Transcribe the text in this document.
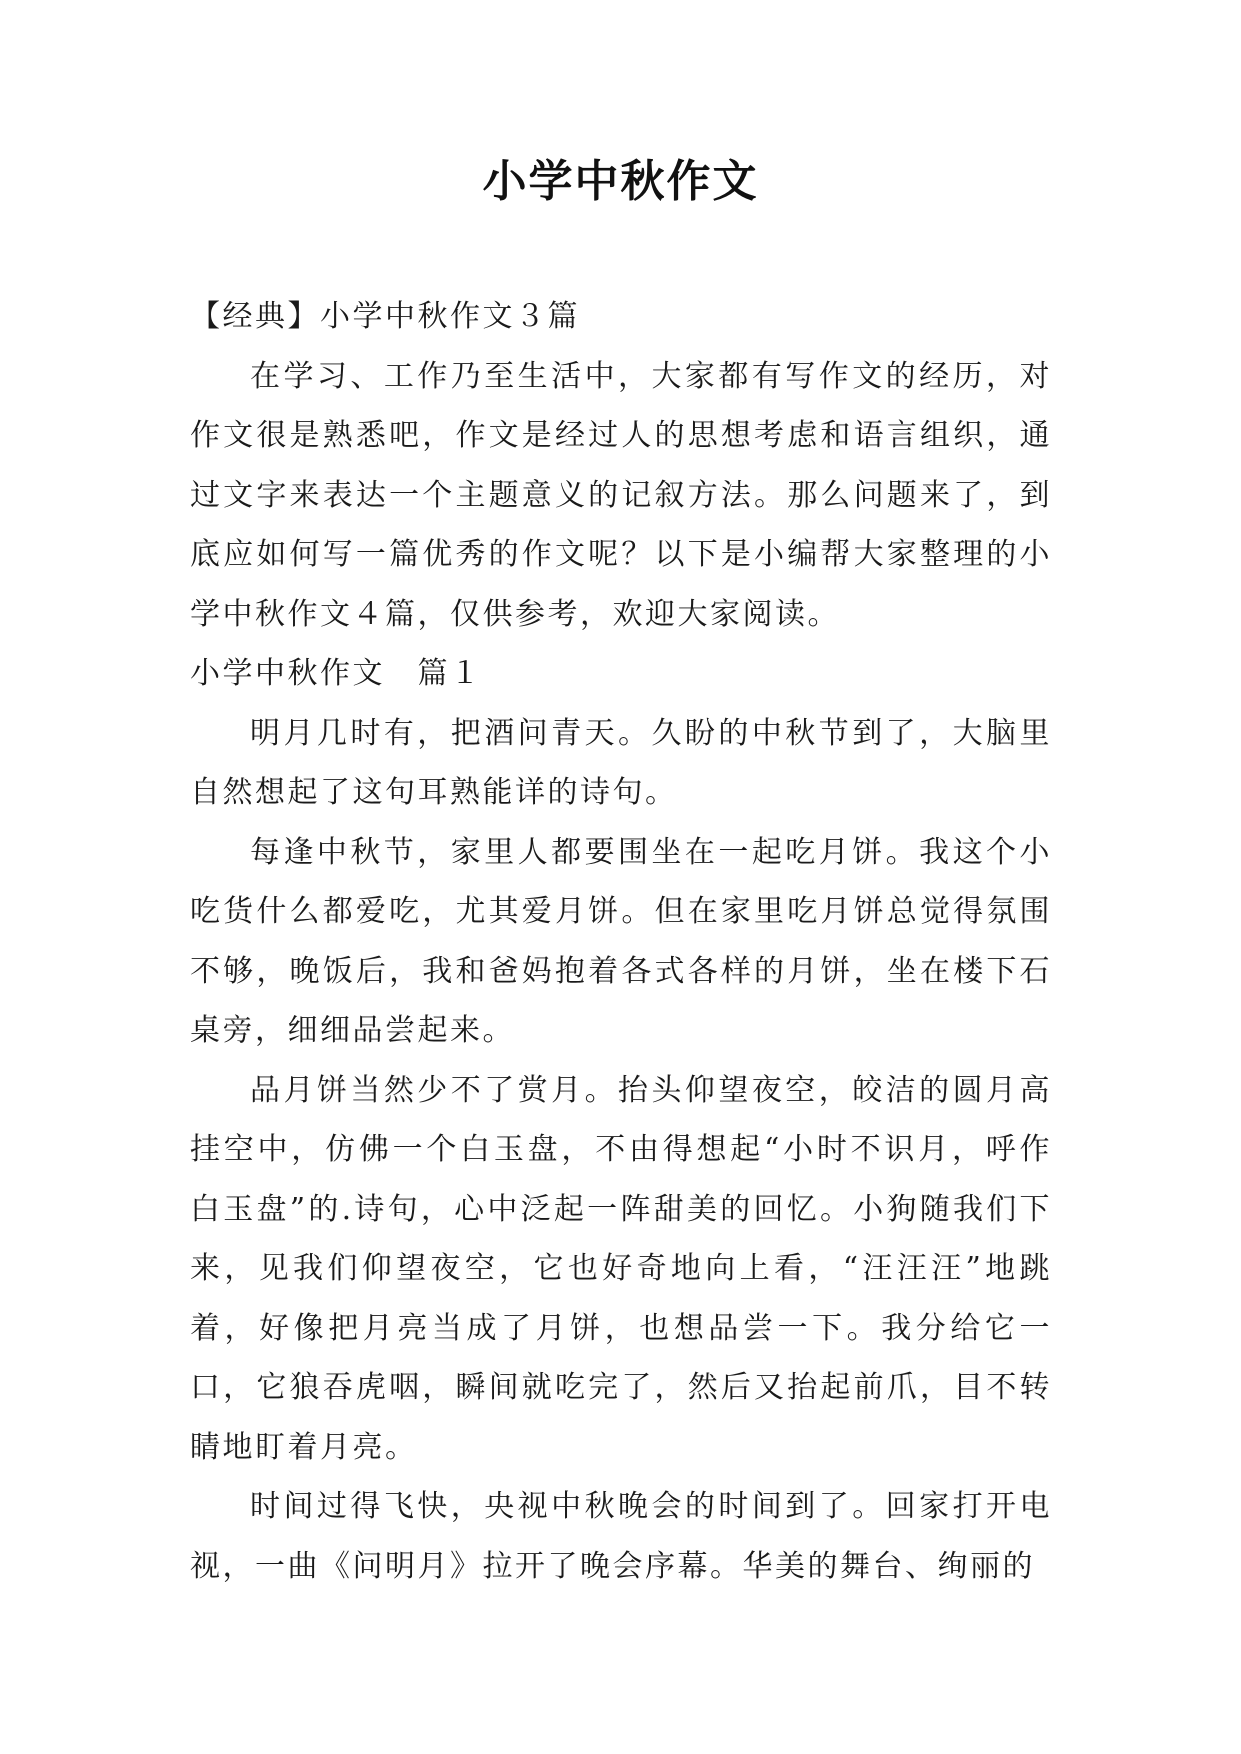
小学中秋作文

【经典】小学中秋作文３篇

在学习、工作乃至生活中，大家都有写作文的经历，对作文很是熟悉吧，作文是经过人的思想考虑和语言组织，通过文字来表达一个主题意义的记叙方法。那么问题来了，到底应如何写一篇优秀的作文呢？以下是小编帮大家整理的小学中秋作文４篇，仅供参考，欢迎大家阅读。

小学中秋作文　篇１

明月几时有，把酒问青天。久盼的中秋节到了，大脑里自然想起了这句耳熟能详的诗句。

每逢中秋节，家里人都要围坐在一起吃月饼。我这个小吃货什么都爱吃，尤其爱月饼。但在家里吃月饼总觉得氛围不够，晚饭后，我和爸妈抱着各式各样的月饼，坐在楼下石桌旁，细细品尝起来。

品月饼当然少不了赏月。抬头仰望夜空，皎洁的圆月高挂空中，仿佛一个白玉盘，不由得想起“小时不识月，呼作白玉盘”的.诗句，心中泛起一阵甜美的回忆。小狗随我们下来，见我们仰望夜空，它也好奇地向上看，“汪汪汪”地跳着，好像把月亮当成了月饼，也想品尝一下。我分给它一口，它狼吞虎咽，瞬间就吃完了，然后又抬起前爪，目不转睛地盯着月亮。

时间过得飞快，央视中秋晚会的时间到了。回家打开电视，一曲《问明月》拉开了晚会序幕。华美的舞台、绚丽的
